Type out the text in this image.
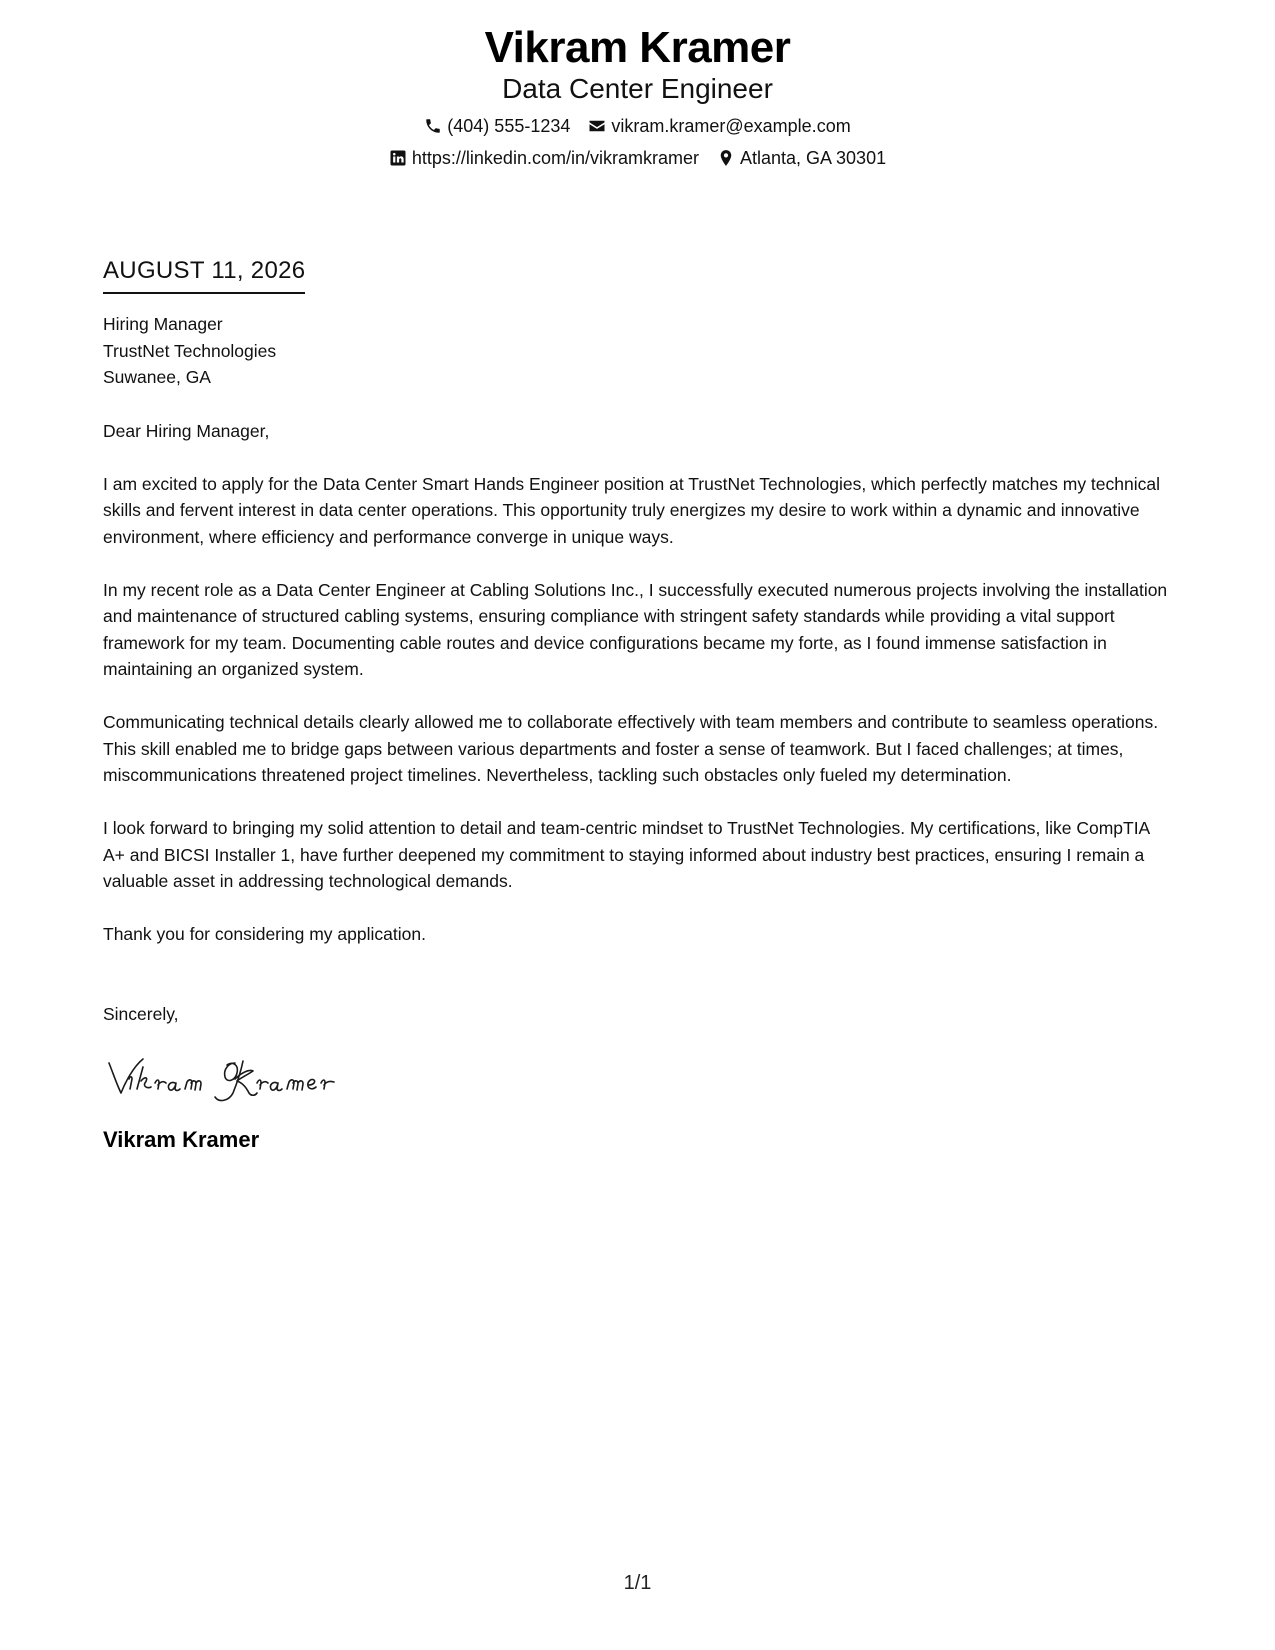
Vikram Kramer
Data Center Engineer
(404) 555-1234 vikram.kramer@example.com
https://linkedin.com/in/vikramkramer Atlanta, GA 30301
AUGUST 11, 2026
Hiring Manager
TrustNet Technologies
Suwanee, GA
Dear Hiring Manager,
I am excited to apply for the Data Center Smart Hands Engineer position at TrustNet Technologies, which perfectly matches my technical skills and fervent interest in data center operations. This opportunity truly energizes my desire to work within a dynamic and innovative environment, where efficiency and performance converge in unique ways.
In my recent role as a Data Center Engineer at Cabling Solutions Inc., I successfully executed numerous projects involving the installation and maintenance of structured cabling systems, ensuring compliance with stringent safety standards while providing a vital support framework for my team. Documenting cable routes and device configurations became my forte, as I found immense satisfaction in maintaining an organized system.
Communicating technical details clearly allowed me to collaborate effectively with team members and contribute to seamless operations. This skill enabled me to bridge gaps between various departments and foster a sense of teamwork. But I faced challenges; at times, miscommunications threatened project timelines. Nevertheless, tackling such obstacles only fueled my determination.
I look forward to bringing my solid attention to detail and team-centric mindset to TrustNet Technologies. My certifications, like CompTIA A+ and BICSI Installer 1, have further deepened my commitment to staying informed about industry best practices, ensuring I remain a valuable asset in addressing technological demands.
Thank you for considering my application.
Sincerely,
Vikram Kramer
1/1
